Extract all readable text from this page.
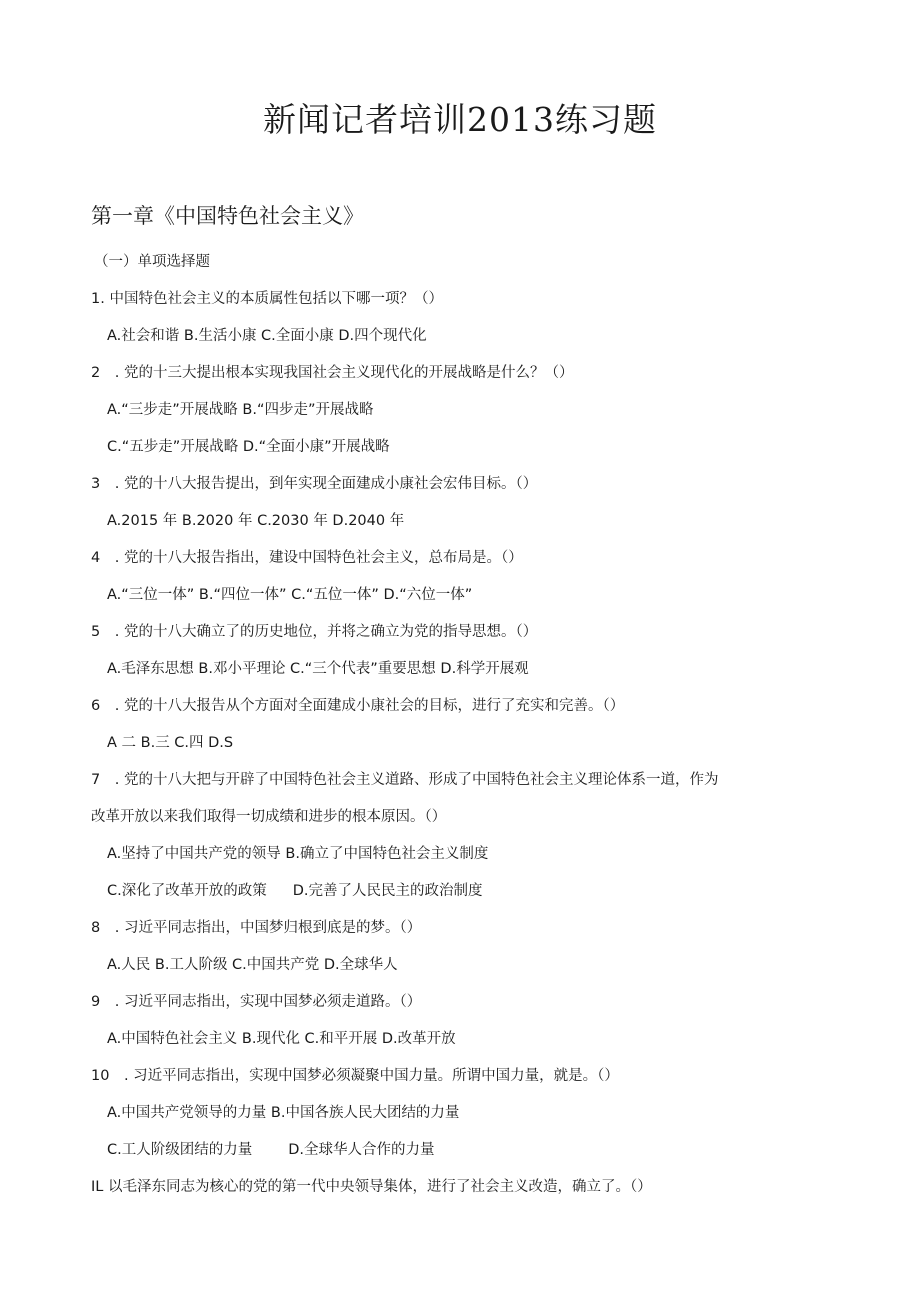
新闻记者培训2013练习题
第一章《中国特色社会主义》
（一）单项选择题
1. 中国特色社会主义的本质属性包括以下哪一项？（）
A.社会和谐 B.生活小康 C.全面小康 D.四个现代化
2　. 党的十三大提出根本实现我国社会主义现代化的开展战略是什么？（）
A.“三步走”开展战略 B.“四步走”开展战略
C.“五步走”开展战略 D.“全面小康”开展战略
3　. 党的十八大报告提出，到年实现全面建成小康社会宏伟目标。（）
A.2015 年 B.2020 年 C.2030 年 D.2040 年
4　. 党的十八大报告指出，建设中国特色社会主义，总布局是。（）
A.“三位一体” B.“四位一体” C.“五位一体” D.“六位一体”
5　. 党的十八大确立了的历史地位，并将之确立为党的指导思想。（）
A.毛泽东思想 B.邓小平理论 C.“三个代表”重要思想 D.科学开展观
6　. 党的十八大报告从个方面对全面建成小康社会的目标，进行了充实和完善。（）
A 二 B.三 C.四 D.S
7　. 党的十八大把与开辟了中国特色社会主义道路、形成了中国特色社会主义理论体系一道，作为
改革开放以来我们取得一切成绩和进步的根本原因。（）
A.坚持了中国共产党的领导 B.确立了中国特色社会主义制度
C.深化了改革开放的政策 D.完善了人民民主的政治制度
8　. 习近平同志指出，中国梦归根到底是的梦。（）
A.人民 B.工人阶级 C.中国共产党 D.全球华人
9　. 习近平同志指出，实现中国梦必须走道路。（）
A.中国特色社会主义 B.现代化 C.和平开展 D.改革开放
10　. 习近平同志指出，实现中国梦必须凝聚中国力量。所谓中国力量，就是。（）
A.中国共产党领导的力量 B.中国各族人民大团结的力量
C.工人阶级团结的力量 D.全球华人合作的力量
IL 以毛泽东同志为核心的党的第一代中央领导集体，进行了社会主义改造，确立了。（）
